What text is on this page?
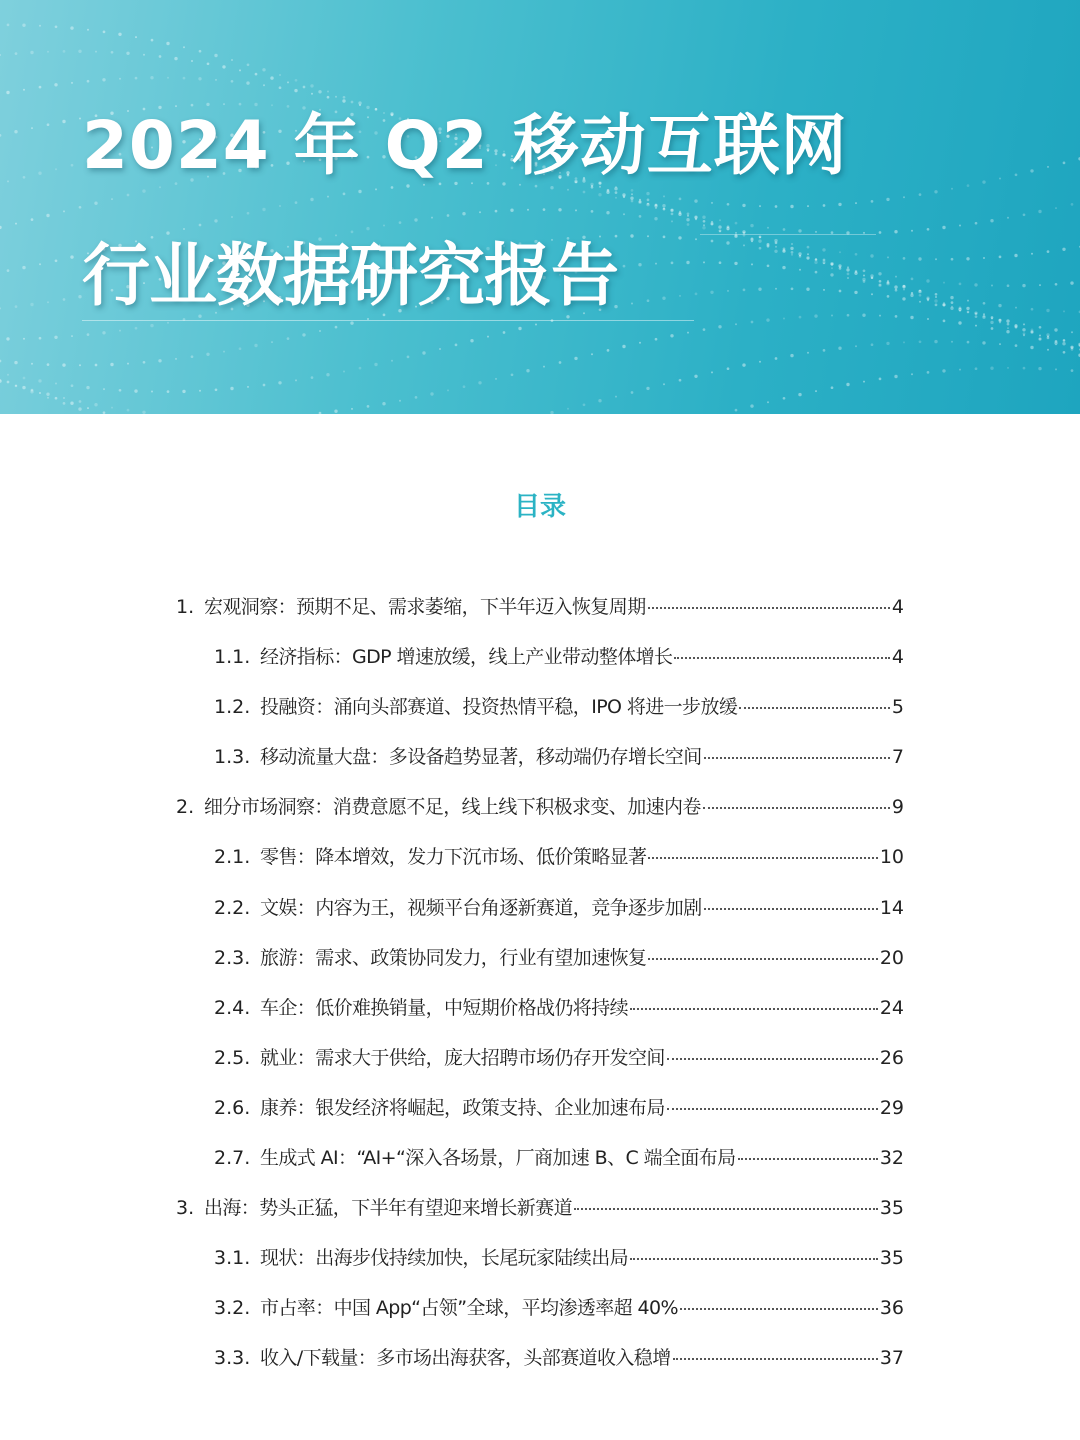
2024 年 Q2 移动互联网
行业数据研究报告
目录
1. 宏观洞察：预期不足、需求萎缩，下半年迈入恢复周期	4
1.1. 经济指标：GDP 增速放缓，线上产业带动整体增长	4
1.2. 投融资：涌向头部赛道、投资热情平稳，IPO 将进一步放缓	5
1.3. 移动流量大盘：多设备趋势显著，移动端仍存增长空间	7
2. 细分市场洞察：消费意愿不足，线上线下积极求变、加速内卷	9
2.1. 零售：降本增效，发力下沉市场、低价策略显著	10
2.2. 文娱：内容为王，视频平台角逐新赛道，竞争逐步加剧	14
2.3. 旅游：需求、政策协同发力，行业有望加速恢复	20
2.4. 车企：低价难换销量，中短期价格战仍将持续	24
2.5. 就业：需求大于供给，庞大招聘市场仍存开发空间	26
2.6. 康养：银发经济将崛起，政策支持、企业加速布局	29
2.7. 生成式 AI：“AI+“深入各场景，厂商加速 B、C 端全面布局	32
3. 出海：势头正猛，下半年有望迎来增长新赛道	35
3.1. 现状：出海步伐持续加快，长尾玩家陆续出局	35
3.2. 市占率：中国 App“占领”全球，平均渗透率超 40%	36
3.3. 收入/下载量：多市场出海获客，头部赛道收入稳增	37
